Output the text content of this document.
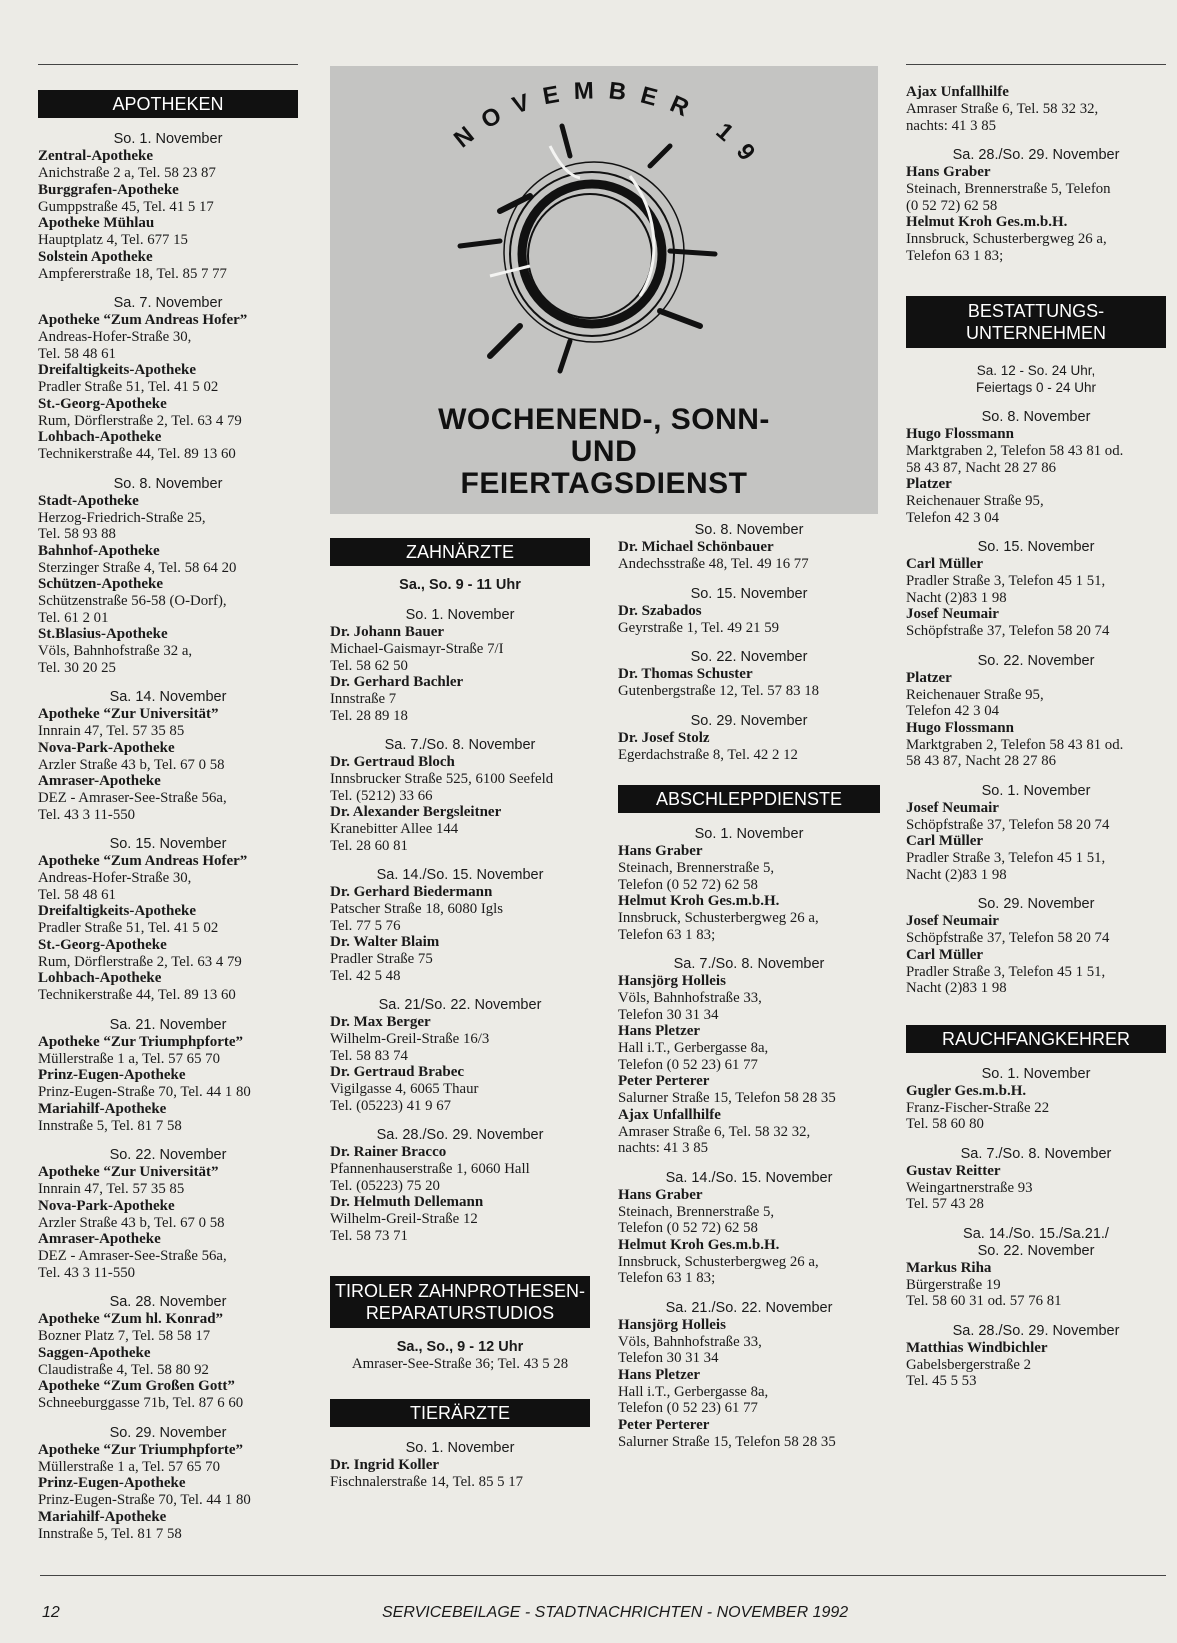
APOTHEKEN
So. 1. November
Zentral-Apotheke
Anichstraße 2 a, Tel. 58 23 87
Burggrafen-Apotheke
Gumppstraße 45, Tel. 41 5 17
Apotheke Mühlau
Hauptplatz 4, Tel. 677 15
Solstein Apotheke
Ampfererstraße 18, Tel. 85 7 77
Sa. 7. November
Apotheke “Zum Andreas Hofer”
Andreas-Hofer-Straße 30,
Tel. 58 48 61
Dreifaltigkeits-Apotheke
Pradler Straße 51, Tel. 41 5 02
St.-Georg-Apotheke
Rum, Dörflerstraße 2, Tel. 63 4 79
Lohbach-Apotheke
Technikerstraße 44, Tel. 89 13 60
So. 8. November
Stadt-Apotheke
Herzog-Friedrich-Straße 25,
Tel. 58 93 88
Bahnhof-Apotheke
Sterzinger Straße 4, Tel. 58 64 20
Schützen-Apotheke
Schützenstraße 56-58 (O-Dorf),
Tel. 61 2 01
St.Blasius-Apotheke
Völs, Bahnhofstraße 32 a,
Tel. 30 20 25
Sa. 14. November
Apotheke “Zur Universität”
Innrain 47, Tel. 57 35 85
Nova-Park-Apotheke
Arzler Straße 43 b, Tel. 67 0 58
Amraser-Apotheke
DEZ - Amraser-See-Straße 56a,
Tel. 43 3 11-550
So. 15. November
Apotheke “Zum Andreas Hofer”
Andreas-Hofer-Straße 30,
Tel. 58 48 61
Dreifaltigkeits-Apotheke
Pradler Straße 51, Tel. 41 5 02
St.-Georg-Apotheke
Rum, Dörflerstraße 2, Tel. 63 4 79
Lohbach-Apotheke
Technikerstraße 44, Tel. 89 13 60
Sa. 21. November
Apotheke “Zur Triumphpforte”
Müllerstraße 1 a, Tel. 57 65 70
Prinz-Eugen-Apotheke
Prinz-Eugen-Straße 70, Tel. 44 1 80
Mariahilf-Apotheke
Innstraße 5, Tel. 81 7 58
So. 22. November
Apotheke “Zur Universität”
Innrain 47, Tel. 57 35 85
Nova-Park-Apotheke
Arzler Straße 43 b, Tel. 67 0 58
Amraser-Apotheke
DEZ - Amraser-See-Straße 56a,
Tel. 43 3 11-550
Sa. 28. November
Apotheke “Zum hl. Konrad”
Bozner Platz 7, Tel. 58 58 17
Saggen-Apotheke
Claudistraße 4, Tel. 58 80 92
Apotheke “Zum Großen Gott”
Schneeburggasse 71b, Tel. 87 6 60
So. 29. November
Apotheke “Zur Triumphpforte”
Müllerstraße 1 a, Tel. 57 65 70
Prinz-Eugen-Apotheke
Prinz-Eugen-Straße 70, Tel. 44 1 80
Mariahilf-Apotheke
Innstraße 5, Tel. 81 7 58
NOVEMBER 19
WOCHENEND-, SONN-
UND
FEIERTAGSDIENST
ZAHNÄRZTE
Sa., So. 9 - 11 Uhr
So. 1. November
Dr. Johann Bauer
Michael-Gaismayr-Straße 7/I
Tel. 58 62 50
Dr. Gerhard Bachler
Innstraße 7
Tel. 28 89 18
Sa. 7./So. 8. November
Dr. Gertraud Bloch
Innsbrucker Straße 525, 6100 Seefeld
Tel. (5212) 33 66
Dr. Alexander Bergsleitner
Kranebitter Allee 144
Tel. 28 60 81
Sa. 14./So. 15. November
Dr. Gerhard Biedermann
Patscher Straße 18, 6080 Igls
Tel. 77 5 76
Dr. Walter Blaim
Pradler Straße 75
Tel. 42 5 48
Sa. 21/So. 22. November
Dr. Max Berger
Wilhelm-Greil-Straße 16/3
Tel. 58 83 74
Dr. Gertraud Brabec
Vigilgasse 4, 6065 Thaur
Tel. (05223) 41 9 67
Sa. 28./So. 29. November
Dr. Rainer Bracco
Pfannenhauserstraße 1, 6060 Hall
Tel. (05223) 75 20
Dr. Helmuth Dellemann
Wilhelm-Greil-Straße 12
Tel. 58 73 71
TIROLER ZAHNPROTHESEN-
REPARATURSTUDIOS
Sa., So., 9 - 12 Uhr
Amraser-See-Straße 36; Tel. 43 5 28
TIERÄRZTE
So. 1. November
Dr. Ingrid Koller
Fischnalerstraße 14, Tel. 85 5 17
So. 8. November
Dr. Michael Schönbauer
Andechsstraße 48, Tel. 49 16 77
So. 15. November
Dr. Szabados
Geyrstraße 1, Tel. 49 21 59
So. 22. November
Dr. Thomas Schuster
Gutenbergstraße 12, Tel. 57 83 18
So. 29. November
Dr. Josef Stolz
Egerdachstraße 8, Tel. 42 2 12
ABSCHLEPPDIENSTE
So. 1. November
Hans Graber
Steinach, Brennerstraße 5,
Telefon (0 52 72) 62 58
Helmut Kroh Ges.m.b.H.
Innsbruck, Schusterbergweg 26 a,
Telefon 63 1 83;
Sa. 7./So. 8. November
Hansjörg Holleis
Völs, Bahnhofstraße 33,
Telefon 30 31 34
Hans Pletzer
Hall i.T., Gerbergasse 8a,
Telefon (0 52 23) 61 77
Peter Perterer
Salurner Straße 15, Telefon 58 28 35
Ajax Unfallhilfe
Amraser Straße 6, Tel. 58 32 32,
nachts: 41 3 85
Sa. 14./So. 15. November
Hans Graber
Steinach, Brennerstraße 5,
Telefon (0 52 72) 62 58
Helmut Kroh Ges.m.b.H.
Innsbruck, Schusterbergweg 26 a,
Telefon 63 1 83;
Sa. 21./So. 22. November
Hansjörg Holleis
Völs, Bahnhofstraße 33,
Telefon 30 31 34
Hans Pletzer
Hall i.T., Gerbergasse 8a,
Telefon (0 52 23) 61 77
Peter Perterer
Salurner Straße 15, Telefon 58 28 35
Ajax Unfallhilfe
Amraser Straße 6, Tel. 58 32 32,
nachts: 41 3 85
Sa. 28./So. 29. November
Hans Graber
Steinach, Brennerstraße 5, Telefon
(0 52 72) 62 58
Helmut Kroh Ges.m.b.H.
Innsbruck, Schusterbergweg 26 a,
Telefon 63 1 83;
BESTATTUNGS-
UNTERNEHMEN
Sa. 12 - So. 24 Uhr,
Feiertags 0 - 24 Uhr
So. 8. November
Hugo Flossmann
Marktgraben 2, Telefon 58 43 81 od.
58 43 87, Nacht 28 27 86
Platzer
Reichenauer Straße 95,
Telefon 42 3 04
So. 15. November
Carl Müller
Pradler Straße 3, Telefon 45 1 51,
Nacht (2)83 1 98
Josef Neumair
Schöpfstraße 37, Telefon 58 20 74
So. 22. November
Platzer
Reichenauer Straße 95,
Telefon 42 3 04
Hugo Flossmann
Marktgraben 2, Telefon 58 43 81 od.
58 43 87, Nacht 28 27 86
So. 1. November
Josef Neumair
Schöpfstraße 37, Telefon 58 20 74
Carl Müller
Pradler Straße 3, Telefon 45 1 51,
Nacht (2)83 1 98
So. 29. November
Josef Neumair
Schöpfstraße 37, Telefon 58 20 74
Carl Müller
Pradler Straße 3, Telefon 45 1 51,
Nacht (2)83 1 98
RAUCHFANGKEHRER
So. 1. November
Gugler Ges.m.b.H.
Franz-Fischer-Straße 22
Tel. 58 60 80
Sa. 7./So. 8. November
Gustav Reitter
Weingartnerstraße 93
Tel. 57 43 28
Sa. 14./So. 15./Sa.21./
So. 22. November
Markus Riha
Bürgerstraße 19
Tel. 58 60 31 od. 57 76 81
Sa. 28./So. 29. November
Matthias Windbichler
Gabelsbergerstraße 2
Tel. 45 5 53
12	SERVICEBEILAGE - STADTNACHRICHTEN - NOVEMBER 1992
